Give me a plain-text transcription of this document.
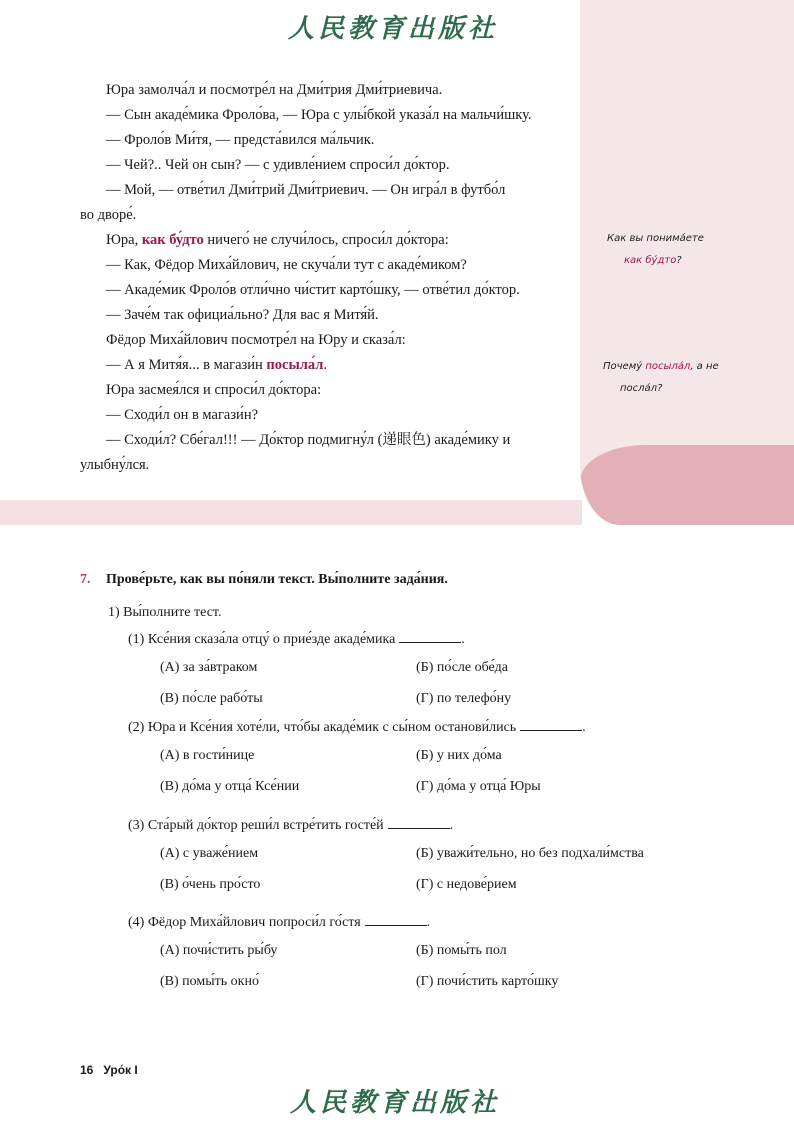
人民教育出版社

Юра замолча́л и посмотре́л на Дми́трия Дми́триевича.

— Сын акаде́мика Фроло́ва, — Юра с улы́бкой указа́л на мальчи́шку.

— Фроло́в Ми́тя, — предста́вился ма́льчик.

— Чей?.. Чей он сын? — с удивле́нием спроси́л до́ктор.

— Мой, — отве́тил Дми́трий Дми́триевич. — Он игра́л в футбо́л

во дворе́.

Юра, как бу́дто ничего́ не случи́лось, спроси́л до́ктора:

— Как, Фёдор Миха́йлович, не скуча́ли тут с акаде́миком?

— Акаде́мик Фроло́в отли́чно чи́стит карто́шку, — отве́тил до́ктор.

— Заче́м так официа́льно? Для вас я Митя́й.

Фёдор Миха́йлович посмотре́л на Юру и сказа́л:

— А я Митя́я... в магази́н посыла́л.

Юра засмея́лся и спроси́л до́ктора:

— Сходи́л он в магази́н?

— Сходи́л? Сбе́гал!!! — До́ктор подмигну́л (递眼色) акаде́мику и

улыбну́лся.

Как вы понима́ете
как бу́дто?
Почему́ посыла́л, а не
посла́л?
7. Прове́рьте, как вы по́няли текст. Вы́полните зада́ния.
1) Вы́полните тест.
(1) Ксе́ния сказа́ла отцу́ о прие́зде акаде́мика	.
(А) за за́втраком	(Б) по́сле обе́да
(В) по́сле рабо́ты	(Г) по телефо́ну
(2) Юра и Ксе́ния хоте́ли, что́бы акаде́мик с сы́ном останови́лись	.
(А) в гости́нице	(Б) у них до́ма
(В) до́ма у отца́ Ксе́нии	(Г) до́ма у отца́ Юры
(3) Ста́рый до́ктор реши́л встре́тить госте́й	.
(А) с уваже́нием	(Б) уважи́тельно, но без подхали́мства
(В) о́чень про́сто	(Г) с недове́рием
(4) Фёдор Миха́йлович попроси́л го́стя	.
(А) почи́стить ры́бу	(Б) помы́ть пол
(В) помы́ть окно́	(Г) почи́стить карто́шку
16 Уро́к I
人民教育出版社
